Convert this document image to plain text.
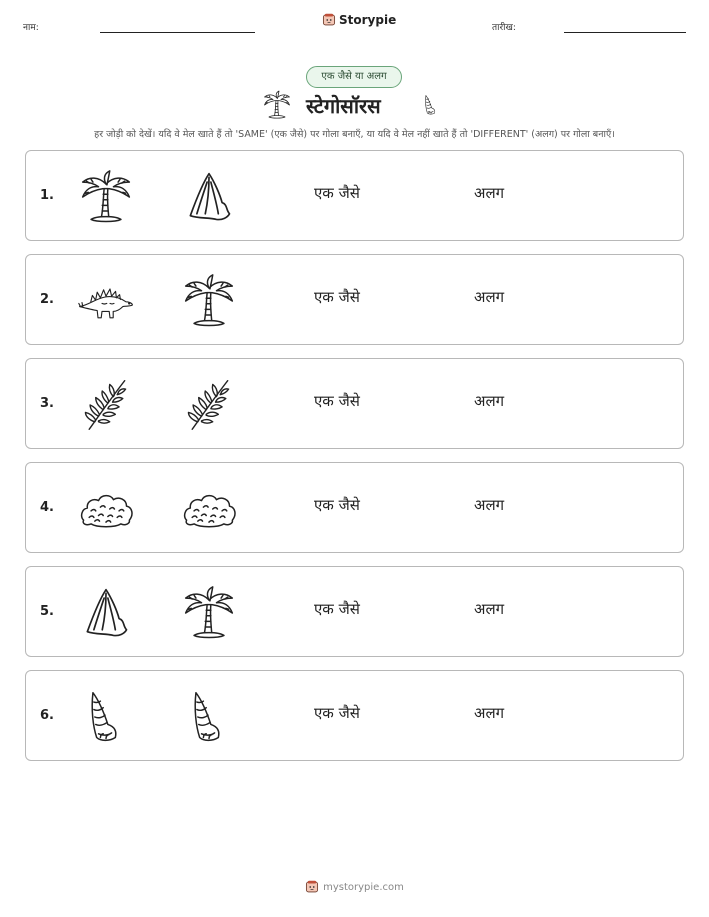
नाम:
Storypie
तारीख:
एक जैसे या अलग
स्टेगोसॉरस
हर जोड़ी को देखें। यदि वे मेल खाते हैं तो 'SAME' (एक जैसे) पर गोला बनाएँ, या यदि वे मेल नहीं खाते हैं तो 'DIFFERENT' (अलग) पर गोला बनाएँ।
1.	एक जैसे	अलग
2.	एक जैसे	अलग
3.	एक जैसे	अलग
4.	एक जैसे	अलग
5.	एक जैसे	अलग
6.	एक जैसे	अलग
mystorypie.com
